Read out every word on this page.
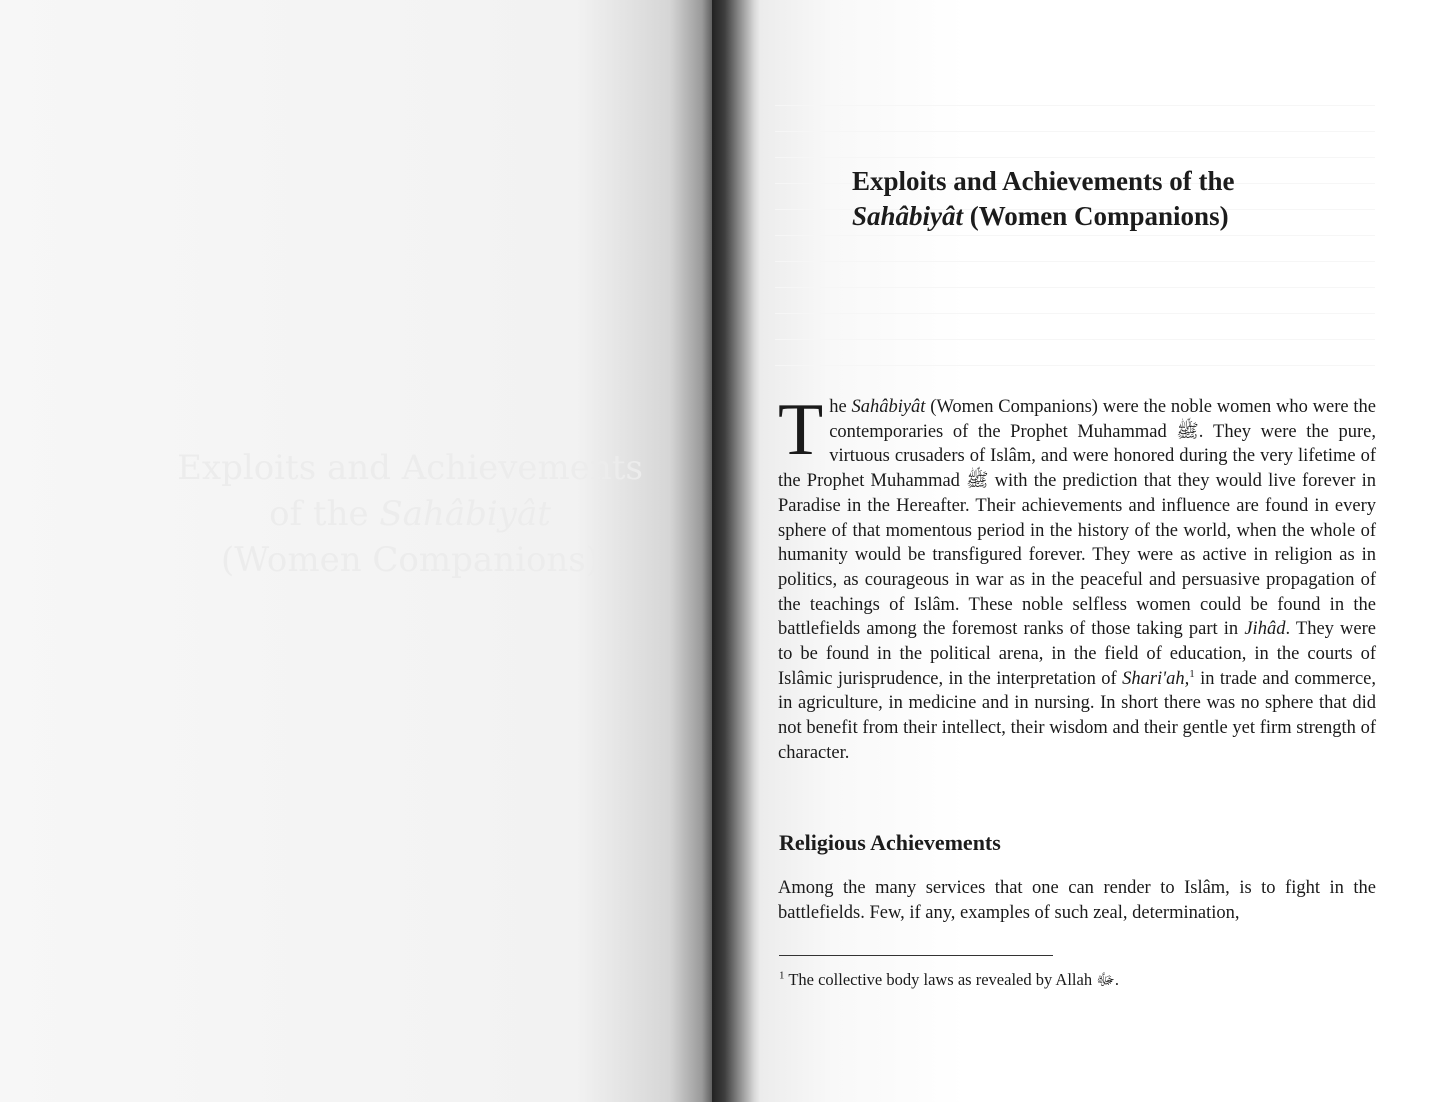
Exploits and Achievements
of the Sahâbiyât
(Women Companions)
Exploits and Achievements of the
Sahâbiyât (Women Companions)

The Sahâbiyât (Women Companions) were the noble women who were the contemporaries of the Prophet Muhammad ﷺ. They were the pure, virtuous crusaders of Islâm, and were honored during the very lifetime of the Prophet Muhammad ﷺ with the prediction that they would live forever in Paradise in the Hereafter. Their achievements and influence are found in every sphere of that momentous period in the history of the world, when the whole of humanity would be transfigured forever. They were as active in religion as in politics, as courageous in war as in the peaceful and persuasive propagation of the teachings of Islâm. These noble selfless women could be found in the battlefields among the foremost ranks of those taking part in Jihâd. They were to be found in the political arena, in the field of education, in the courts of Islâmic jurisprudence, in the interpretation of Shari'ah,$^1$ in trade and commerce, in agriculture, in medicine and in nursing. In short there was no sphere that did not benefit from their intellect, their wisdom and their gentle yet firm strength of character.

Religious Achievements

Among the many services that one can render to Islâm, is to fight in the battlefields. Few, if any, examples of such zeal, determination,

$^1$ The collective body laws as revealed by Allah ﷻ.
